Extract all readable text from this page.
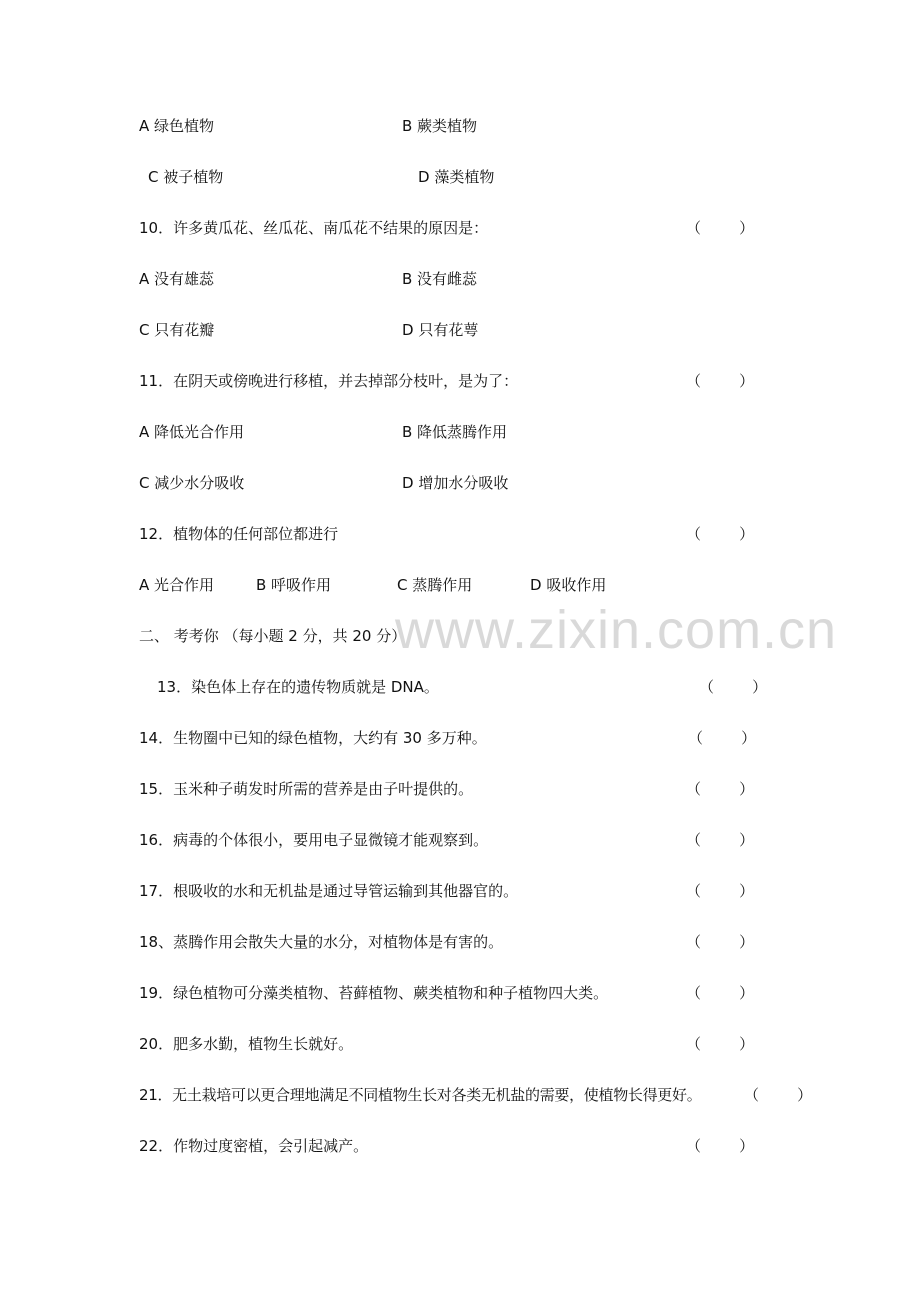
www.zixin.com.cn
A 绿色植物	B 蕨类植物
C 被子植物	D 藻类植物
10．许多黄瓜花、丝瓜花、南瓜花不结果的原因是：	（        ）
A 没有雄蕊	B 没有雌蕊
C 只有花瓣	D 只有花萼
11．在阴天或傍晚进行移植，并去掉部分枝叶，是为了：	（        ）
A 降低光合作用	B 降低蒸腾作用
C 减少水分吸收	D 增加水分吸收
12．植物体的任何部位都进行	（        ）
A 光合作用	B 呼吸作用	C 蒸腾作用	D 吸收作用
二、 考考你 （每小题 2 分，共 20 分）
13．染色体上存在的遗传物质就是 DNA。	（        ）
14．生物圈中已知的绿色植物，大约有 30 多万种。	（        ）
15．玉米种子萌发时所需的营养是由子叶提供的。	（        ）
16．病毒的个体很小，要用电子显微镜才能观察到。	（        ）
17．根吸收的水和无机盐是通过导管运输到其他器官的。	（        ）
18、蒸腾作用会散失大量的水分，对植物体是有害的。	（        ）
19．绿色植物可分藻类植物、苔藓植物、蕨类植物和种子植物四大类。	（        ）
20．肥多水勤，植物生长就好。	（        ）
21．无土栽培可以更合理地满足不同植物生长对各类无机盐的需要，使植物长得更好。	（        ）
22．作物过度密植，会引起减产。	（        ）
